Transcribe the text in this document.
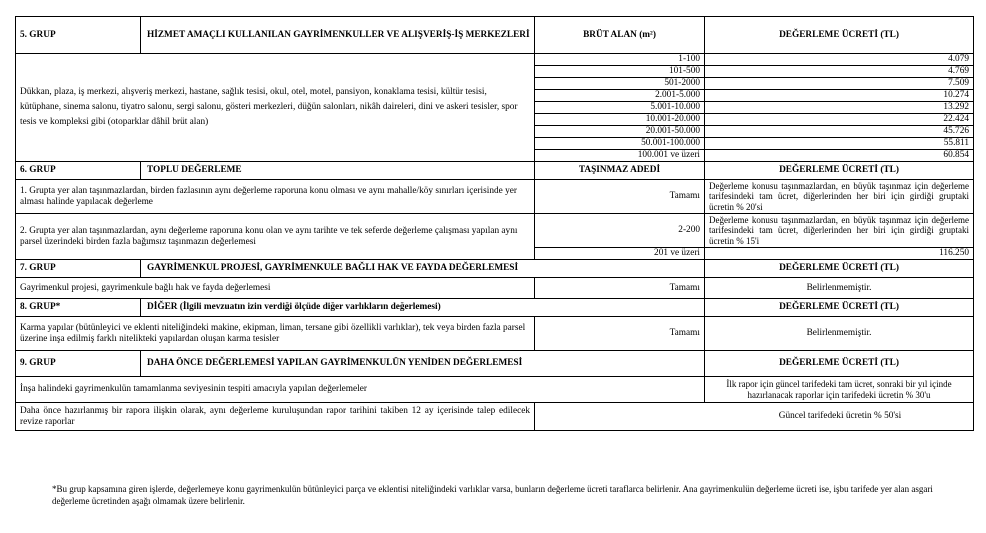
5. GRUP	HİZMET AMAÇLI KULLANILAN GAYRİMENKULLER VE ALIŞVERİŞ-İŞ MERKEZLERİ	BRÜT ALAN (m²)	DEĞERLEME ÜCRETİ (TL)
Dükkan, plaza, iş merkezi, alışveriş merkezi, hastane, sağlık tesisi, okul, otel, motel, pansiyon, konaklama tesisi, kültür tesisi, kütüphane, sinema salonu, tiyatro salonu, sergi salonu, gösteri merkezleri, düğün salonları, nikâh daireleri, dini ve askeri tesisler, spor tesis ve kompleksi gibi (otoparklar dâhil brüt alan)		1-100	4.079
		101-500	4.769
		501-2000	7.509
		2.001-5.000	10.274
		5.001-10.000	13.292
		10.001-20.000	22.424
		20.001-50.000	45.726
		50.001-100.000	55.811
		100.001 ve üzeri	60.854
6. GRUP	TOPLU DEĞERLEME	TAŞINMAZ ADEDİ	DEĞERLEME ÜCRETİ (TL)
1. Grupta yer alan taşınmazlardan, birden fazlasının aynı değerleme raporuna konu olması ve aynı mahalle/köy sınırları içerisinde yer alması halinde yapılacak değerleme		Tamamı	Değerleme konusu taşınmazlardan, en büyük taşınmaz için değerleme tarifesindeki tam ücret, diğerlerinden her biri için girdiği gruptaki ücretin % 20'si
2. Grupta yer alan taşınmazlardan, aynı değerleme raporuna konu olan ve aynı tarihte ve tek seferde değerleme çalışması yapılan aynı parsel üzerindeki birden fazla bağımsız taşınmazın değerlemesi		2-200	Değerleme konusu taşınmazlardan, en büyük taşınmaz için değerleme tarifesindeki tam ücret, diğerlerinden her biri için girdiği gruptaki ücretin % 15'i
		201 ve üzeri	116.250
7. GRUP	GAYRİMENKUL PROJESİ, GAYRİMENKULE BAĞLI HAK VE FAYDA DEĞERLEMESİ		DEĞERLEME ÜCRETİ (TL)
Gayrimenkul projesi, gayrimenkule bağlı hak ve fayda değerlemesi		Tamamı	Belirlenmemiştir.
8. GRUP*	DİĞER (İlgili mevzuatın izin verdiği ölçüde diğer varlıkların değerlemesi)		DEĞERLEME ÜCRETİ (TL)
Karma yapılar (bütünleyici ve eklenti niteliğindeki makine, ekipman, liman, tersane gibi özellikli varlıklar), tek veya birden fazla parsel üzerine inşa edilmiş farklı nitelikteki yapılardan oluşan karma tesisler		Tamamı	Belirlenmemiştir.
9. GRUP	DAHA ÖNCE DEĞERLEMESİ YAPILAN GAYRİMENKULÜN YENİDEN DEĞERLEMESİ		DEĞERLEME ÜCRETİ (TL)
İnşa halindeki gayrimenkulün tamamlanma seviyesinin tespiti amacıyla yapılan değerlemeler			İlk rapor için güncel tarifedeki tam ücret, sonraki bir yıl içinde hazırlanacak raporlar için tarifedeki ücretin % 30'u
Daha önce hazırlanmış bir rapora ilişkin olarak, aynı değerleme kuruluşundan rapor tarihini takiben 12 ay içerisinde talep edilecek revize raporlar		Güncel tarifedeki ücretin % 50'si	
*Bu grup kapsamına giren işlerde, değerlemeye konu gayrimenkulün bütünleyici parça ve eklentisi niteliğindeki varlıklar varsa, bunların değerleme ücreti taraflarca belirlenir. Ana gayrimenkulün değerleme ücreti ise, işbu tarifede yer alan asgari değerleme ücretinden aşağı olmamak üzere belirlenir.
